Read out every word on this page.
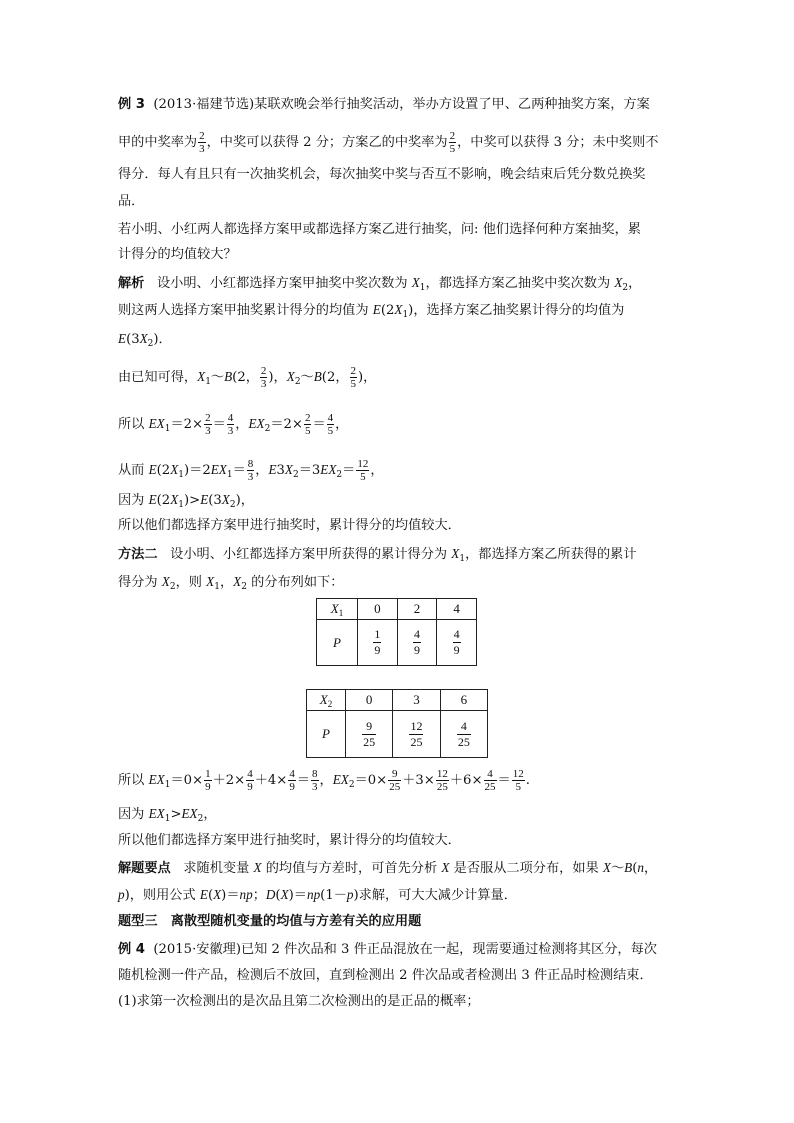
例 3 (2013·福建节选)某联欢晚会举行抽奖活动，举办方设置了甲、乙两种抽奖方案，方案
甲的中奖率为 $\frac{2}{3}$ ，中奖可以获得 2 分；方案乙的中奖率为 $\frac{2}{5}$ ，中奖可以获得 3 分；未中奖则不
得分．每人有且只有一次抽奖机会，每次抽奖中奖与否互不影响，晚会结束后凭分数兑换奖
品．
若小明、小红两人都选择方案甲或都选择方案乙进行抽奖，问: 他们选择何种方案抽奖，累
计得分的均值较大？
解析 设小明、小红都选择方案甲抽奖中奖次数为 $X_1$，都选择方案乙抽奖中奖次数为 $X_2$，
则这两人选择方案甲抽奖累计得分的均值为 $E(2X_1)$，选择方案乙抽奖累计得分的均值为
$E(3X_2)$．
由已知可得，$X_1\sim B(2$， $\frac{2}{3}$ )，$X_2\sim B(2$， $\frac{2}{5}$ )，
所以 $EX_1=2\times \frac{2}{3} = \frac{4}{3}$ ，$EX_2=2\times \frac{2}{5} = \frac{4}{5}$ ，
从而 $E(2X_1)=2EX_1= \frac{8}{3}$ ，$E3X_2=3EX_2= \frac{12}{5}$ ，
因为 $E(2X_1)>E(3X_2)$，
所以他们都选择方案甲进行抽奖时，累计得分的均值较大．
方法二 设小明、小红都选择方案甲所获得的累计得分为 $X_1$，都选择方案乙所获得的累计
得分为 $X_2$，则 $X_1$，$X_2$ 的分布列如下：
$X_1$	0	2	4
P	$\frac{1}{9}$	$\frac{4}{9}$	$\frac{4}{9}$
$X_2$	0	3	6
P	$\frac{9}{25}$	$\frac{12}{25}$	$\frac{4}{25}$
所以 $EX_1=0\times \frac{1}{9} +2\times \frac{4}{9} +4\times \frac{4}{9} = \frac{8}{3}$ ，$EX_2=0\times \frac{9}{25} +3\times \frac{12}{25} +6\times \frac{4}{25} = \frac{12}{5}$ .
因为 $EX_1>EX_2$，
所以他们都选择方案甲进行抽奖时，累计得分的均值较大．
解题要点 求随机变量 X 的均值与方差时，可首先分析 X 是否服从二项分布，如果 X～B(n，
p)，则用公式 E(X)＝np；D(X)＝np(1－p)求解，可大大减少计算量．
题型三　离散型随机变量的均值与方差有关的应用题
例 4 (2015·安徽理)已知 2 件次品和 3 件正品混放在一起，现需要通过检测将其区分，每次
随机检测一件产品，检测后不放回，直到检测出 2 件次品或者检测出 3 件正品时检测结束．
(1)求第一次检测出的是次品且第二次检测出的是正品的概率；
